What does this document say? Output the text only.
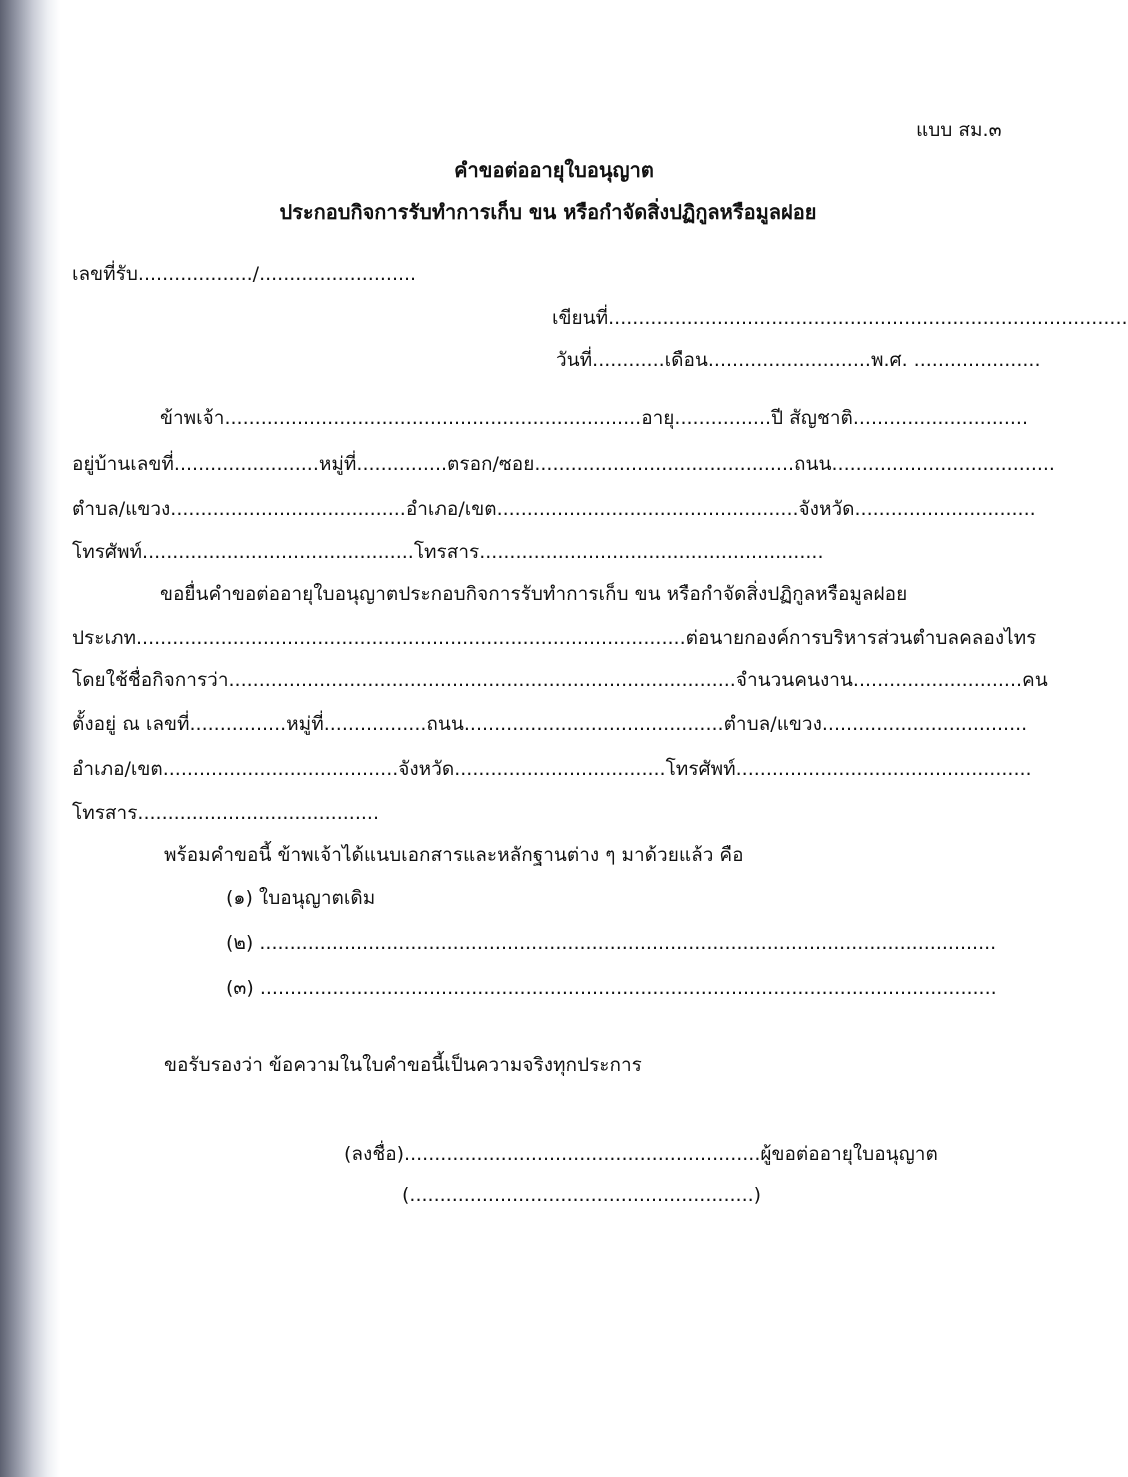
แบบ สม.๓
คำขอต่ออายุใบอนุญาต
ประกอบกิจการรับทำการเก็บ ขน หรือกำจัดสิ่งปฏิกูลหรือมูลฝอย
เลขที่รับ.................../..........................
เขียนที่......................................................................................
วันที่............เดือน...........................พ.ศ. .....................
ข้าพเจ้า.....................................................................อายุ................ปี สัญชาติ.............................
อยู่บ้านเลขที่........................หมู่ที่...............ตรอก/ซอย...........................................ถนน.....................................
ตำบล/แขวง.......................................อำเภอ/เขต..................................................จังหวัด..............................
โทรศัพท์.............................................โทรสาร.........................................................
ขอยื่นคำขอต่ออายุใบอนุญาตประกอบกิจการรับทำการเก็บ ขน หรือกำจัดสิ่งปฏิกูลหรือมูลฝอย
ประเภท...........................................................................................ต่อนายกองค์การบริหารส่วนตำบลคลองไทร
โดยใช้ชื่อกิจการว่า....................................................................................จำนวนคนงาน............................คน
ตั้งอยู่ ณ เลขที่................หมู่ที่.................ถนน...........................................ตำบล/แขวง..................................
อำเภอ/เขต.......................................จังหวัด...................................โทรศัพท์.................................................
โทรสาร........................................
พร้อมคำขอนี้ ข้าพเจ้าได้แนบเอกสารและหลักฐานต่าง ๆ มาด้วยแล้ว คือ
(๑) ใบอนุญาตเดิม
(๒) ..........................................................................................................................
(๓) ..........................................................................................................................
ขอรับรองว่า ข้อความในใบคำขอนี้เป็นความจริงทุกประการ
(ลงชื่อ)...........................................................ผู้ขอต่ออายุใบอนุญาต
(.........................................................)
